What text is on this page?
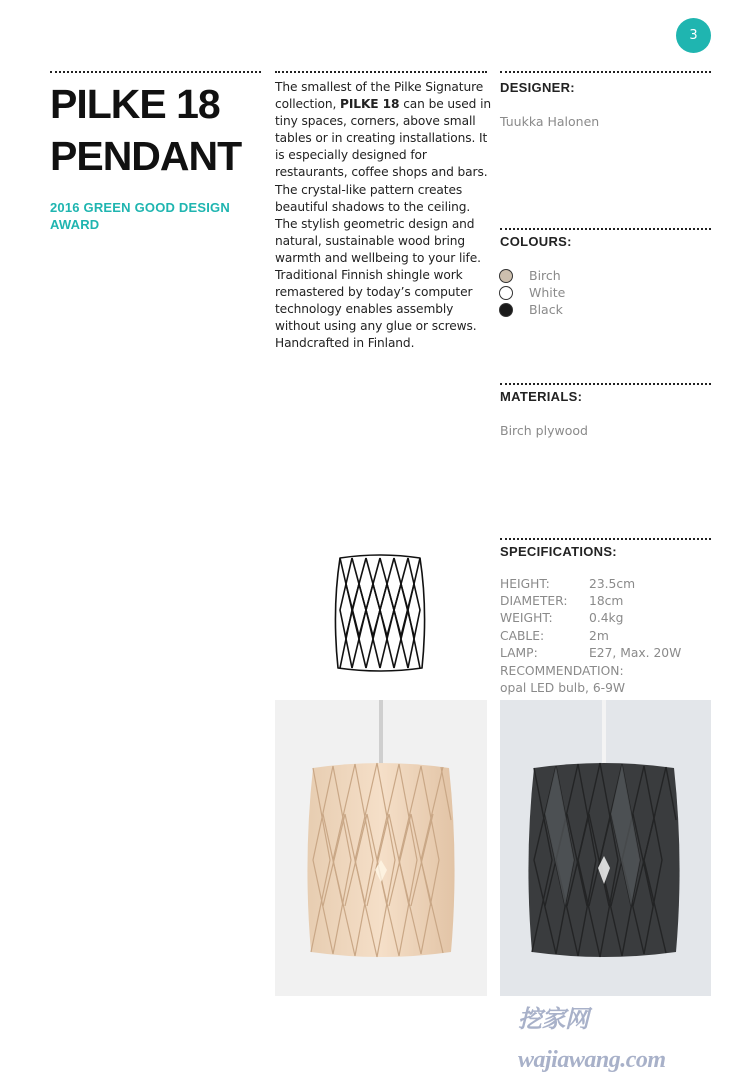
3
PILKE 18
PENDANT
2016 GREEN GOOD DESIGN AWARD

The smallest of the Pilke Signature collection, PILKE 18 can be used in tiny spaces, corners, above small tables or in creating installations. It is especially designed for restaurants, coffee shops and bars. The crystal-like pattern creates beautiful shadows to the ceiling. The stylish geometric design and natural, sustainable wood bring warmth and wellbeing to your life. Traditional Finnish shingle work remastered by today’s computer technology enables assembly without using any glue or screws. Handcrafted in Finland.

DESIGNER:
Tuukka Halonen
COLOURS:
Birch
White
Black
MATERIALS:
Birch plywood
SPECIFICATIONS:
HEIGHT:	23.5cm
DIAMETER:	18cm
WEIGHT:	0.4kg
CABLE:	2m
LAMP:	E27, Max. 20W
RECOMMENDATION:
opal LED bulb, 6-9W
挖家网 wajiawang.com
